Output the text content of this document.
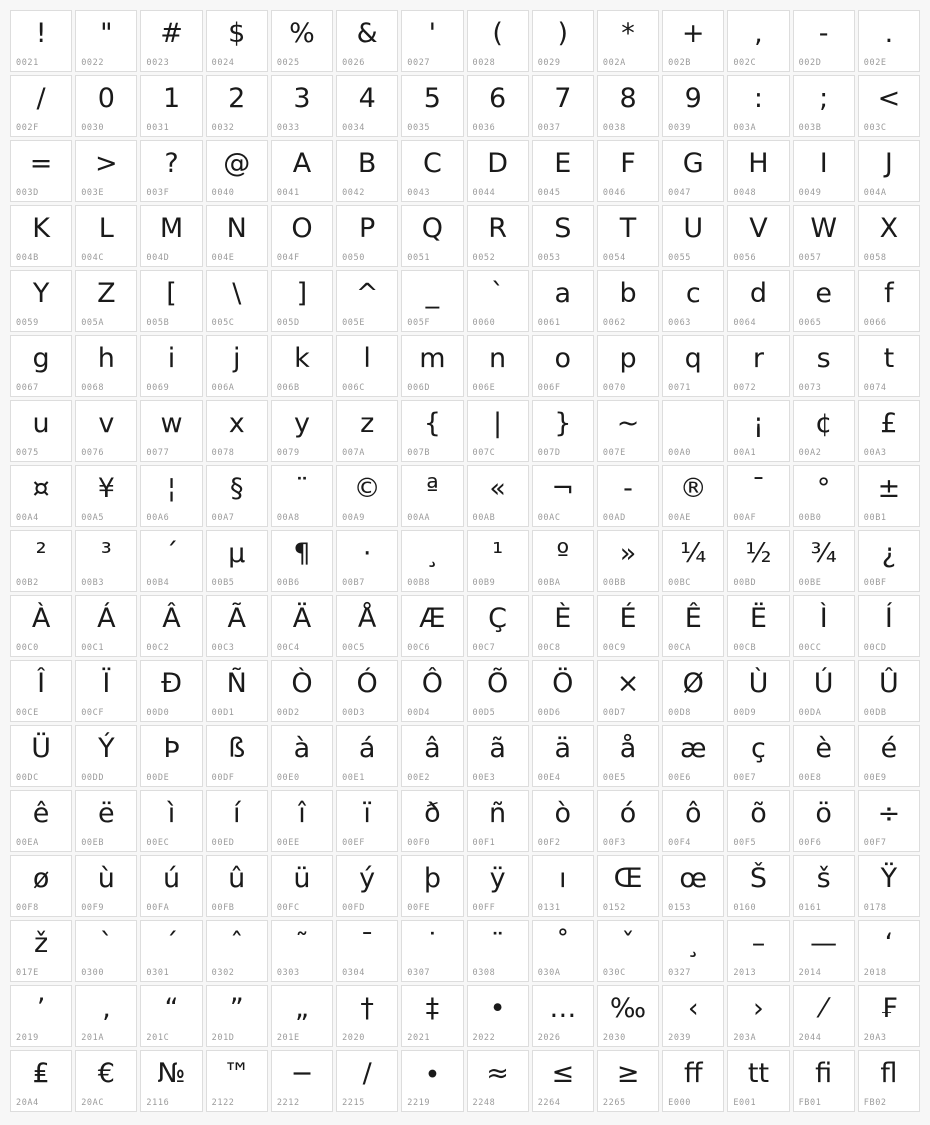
!
0021
"
0022
#
0023
$
0024
%
0025
&
0026
'
0027
(
0028
)
0029
*
002A
+
002B
,
002C
-
002D
.
002E
/
002F
0
0030
1
0031
2
0032
3
0033
4
0034
5
0035
6
0036
7
0037
8
0038
9
0039
:
003A
;
003B
<
003C
=
003D
>
003E
?
003F
@
0040
A
0041
B
0042
C
0043
D
0044
E
0045
F
0046
G
0047
H
0048
I
0049
J
004A
K
004B
L
004C
M
004D
N
004E
O
004F
P
0050
Q
0051
R
0052
S
0053
T
0054
U
0055
V
0056
W
0057
X
0058
Y
0059
Z
005A
[
005B
\
005C
]
005D
^
005E
_
005F
`
0060
a
0061
b
0062
c
0063
d
0064
e
0065
f
0066
g
0067
h
0068
i
0069
j
006A
k
006B
l
006C
m
006D
n
006E
o
006F
p
0070
q
0071
r
0072
s
0073
t
0074
u
0075
v
0076
w
0077
x
0078
y
0079
z
007A
{
007B
|
007C
}
007D
~
007E	00A0
¡
00A1
¢
00A2
£
00A3
¤
00A4
¥
00A5
¦
00A6
§
00A7
¨
00A8
©
00A9
ª
00AA
«
00AB
¬
00AC
-
00AD
®
00AE
¯
00AF
°
00B0
±
00B1
²
00B2
³
00B3
´
00B4
µ
00B5
¶
00B6
·
00B7
¸
00B8
¹
00B9
º
00BA
»
00BB
¼
00BC
½
00BD
¾
00BE
¿
00BF
À
00C0
Á
00C1
Â
00C2
Ã
00C3
Ä
00C4
Å
00C5
Æ
00C6
Ç
00C7
È
00C8
É
00C9
Ê
00CA
Ë
00CB
Ì
00CC
Í
00CD
Î
00CE
Ï
00CF
Ð
00D0
Ñ
00D1
Ò
00D2
Ó
00D3
Ô
00D4
Õ
00D5
Ö
00D6
×
00D7
Ø
00D8
Ù
00D9
Ú
00DA
Û
00DB
Ü
00DC
Ý
00DD
Þ
00DE
ß
00DF
à
00E0
á
00E1
â
00E2
ã
00E3
ä
00E4
å
00E5
æ
00E6
ç
00E7
è
00E8
é
00E9
ê
00EA
ë
00EB
ì
00EC
í
00ED
î
00EE
ï
00EF
ð
00F0
ñ
00F1
ò
00F2
ó
00F3
ô
00F4
õ
00F5
ö
00F6
÷
00F7
ø
00F8
ù
00F9
ú
00FA
û
00FB
ü
00FC
ý
00FD
þ
00FE
ÿ
00FF
ı
0131
Œ
0152
œ
0153
Š
0160
š
0161
Ÿ
0178
ž
017E
`
0300
´
0301
ˆ
0302
˜
0303
¯
0304
˙
0307
¨
0308
˚
030A
ˇ
030C
¸
0327
–
2013
—
2014
‘
2018
’
2019
‚
201A
“
201C
”
201D
„
201E
†
2020
‡
2021
•
2022
…
2026
‰
2030
‹
2039
›
203A
⁄
2044
₣
20A3
₤
20A4
€
20AC
№
2116
™
2122
−
2212
∕
2215
∙
2219
≈
2248
≤
2264
≥
2265
ff
E000
tt
E001
ﬁ
FB01
ﬂ
FB02
